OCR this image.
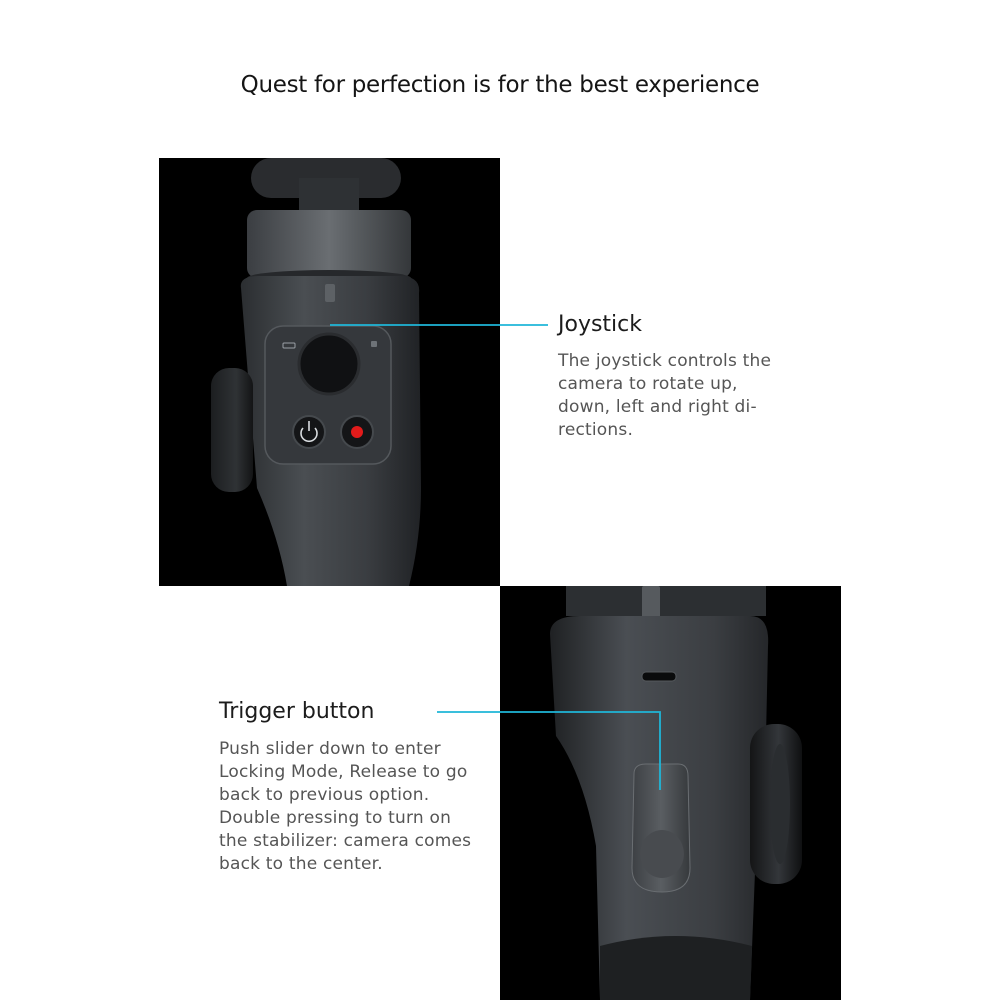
Quest for perfection is for the best experience
Joystick
The joystick controls the
camera to rotate up,
down, left and right di-
rections.
Trigger button
Push slider down to enter
Locking Mode, Release to go
back to previous option.
Double pressing to turn on
the stabilizer: camera comes
back to the center.
